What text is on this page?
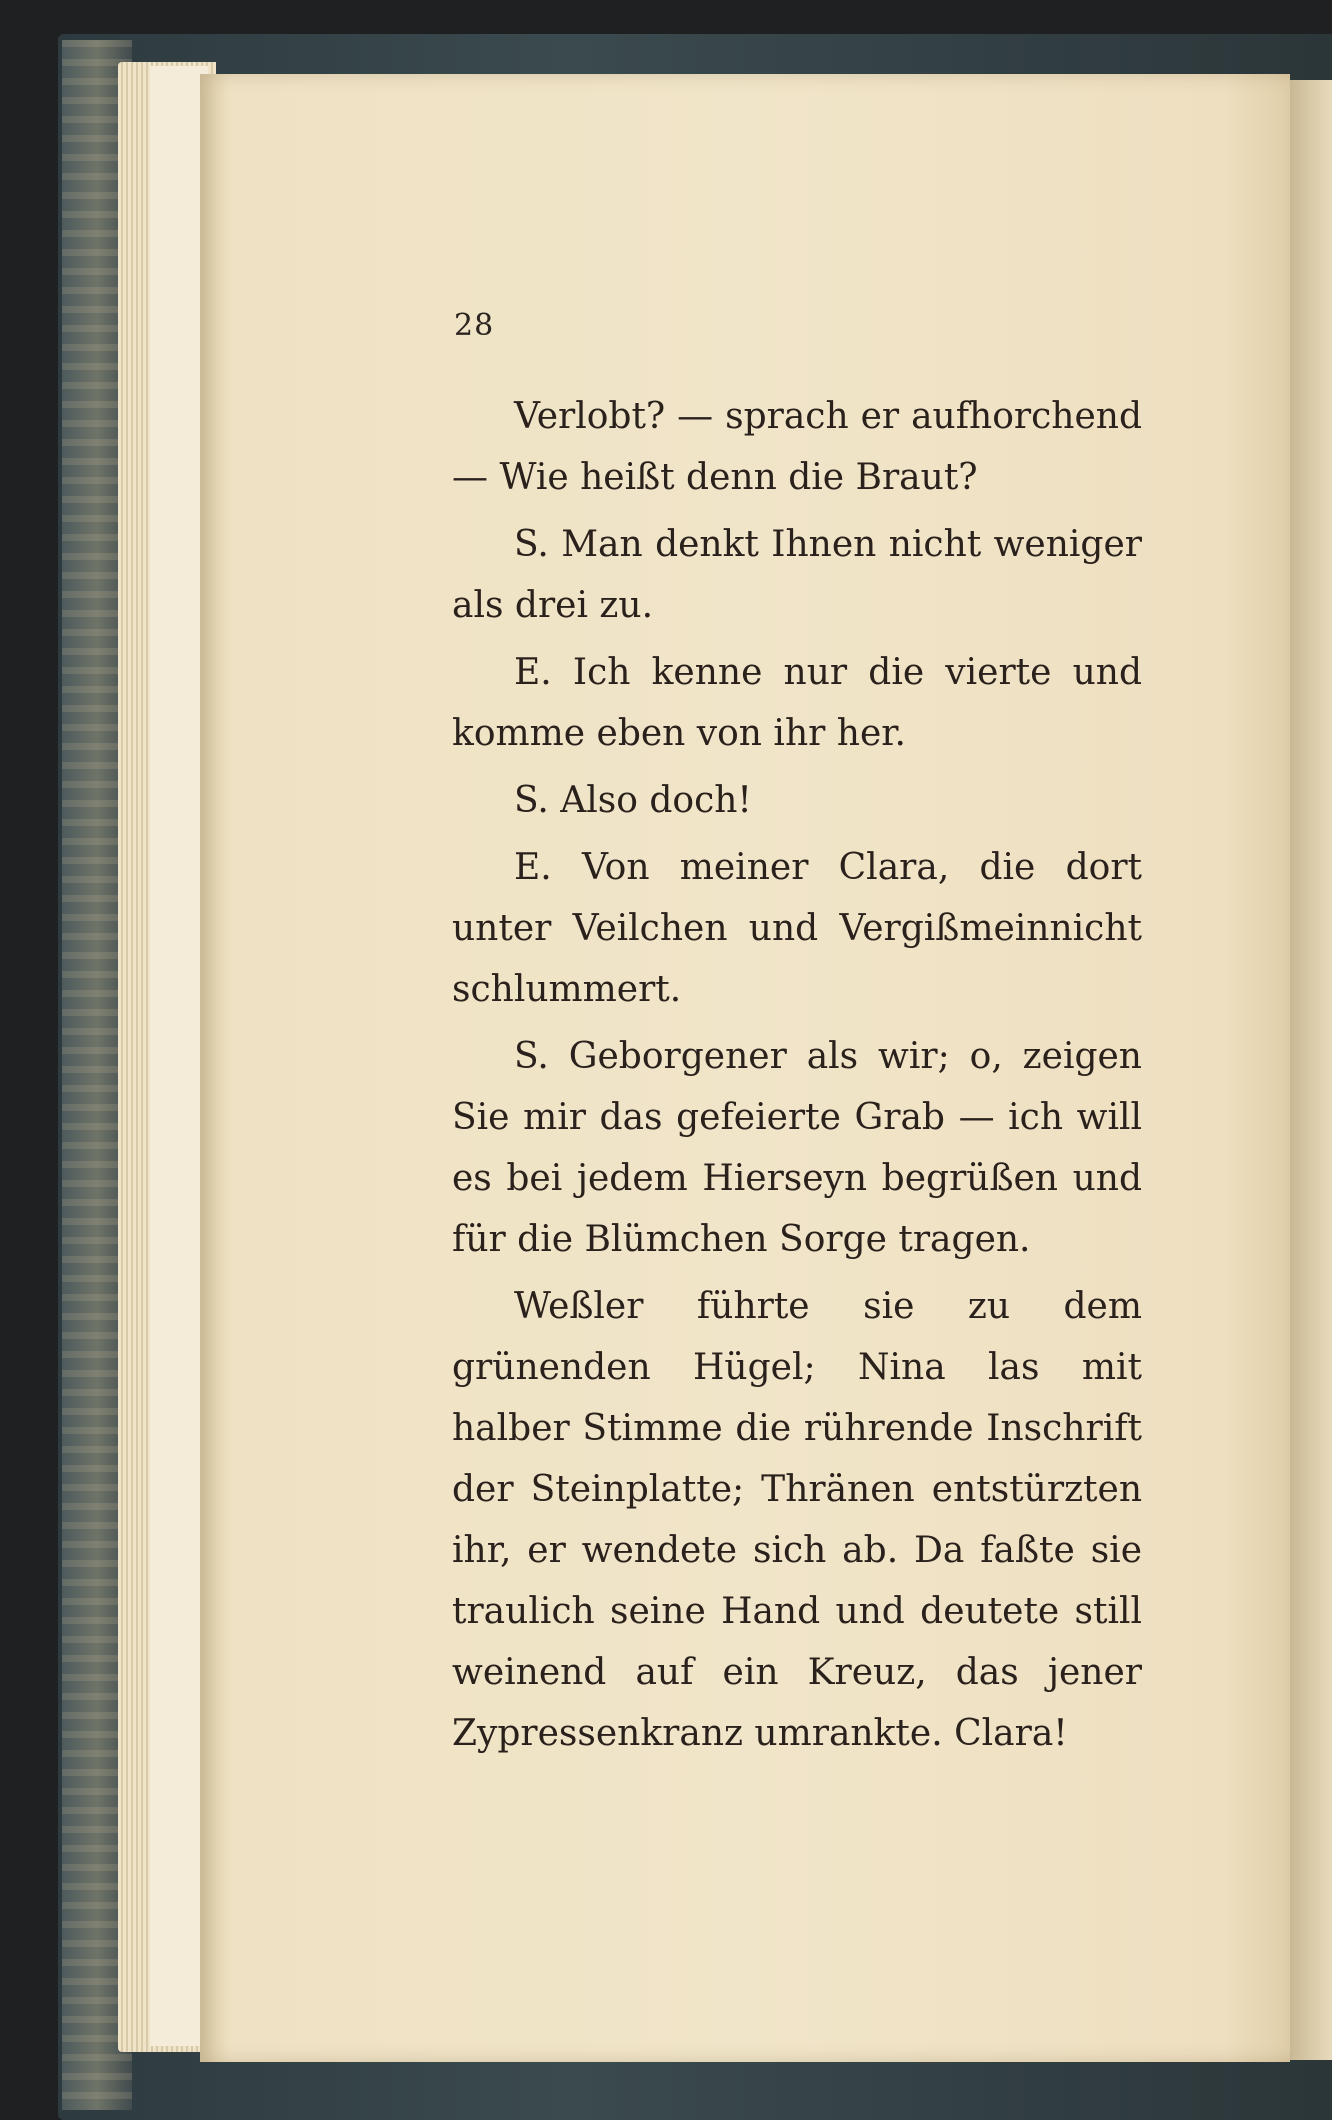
28

Verlobt? — sprach er aufhorchend — Wie heißt denn die Braut?

S. Man denkt Ihnen nicht weniger als drei zu.

E. Ich kenne nur die vierte und komme eben von ihr her.

S. Also doch!

E. Von meiner Clara, die dort unter Veilchen und Vergißmeinnicht schlummert.

S. Geborgener als wir; o, zeigen Sie mir das gefeierte Grab — ich will es bei jedem Hierseyn begrüßen und für die Blümchen Sorge tragen.

Weßler führte sie zu dem grünenden Hügel; Nina las mit halber Stimme die rührende Inschrift der Steinplatte; Thränen entstürzten ihr, er wendete sich ab. Da faßte sie traulich seine Hand und deutete still weinend auf ein Kreuz, das jener Zypressenkranz umrankte. Clara!
